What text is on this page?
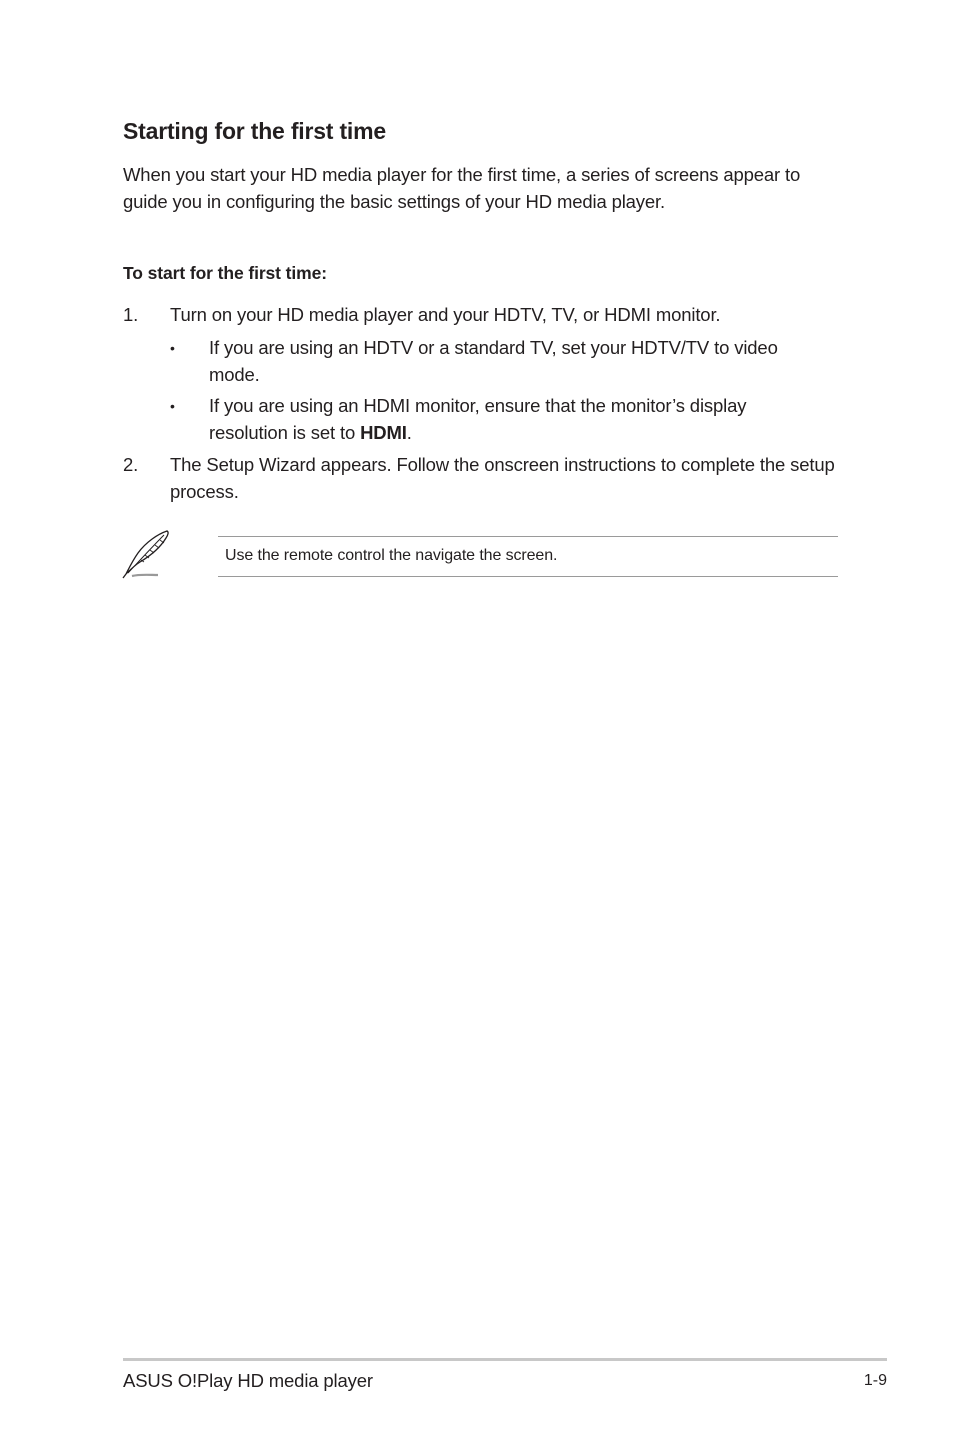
Starting for the first time

When you start your HD media player for the first time, a series of screens appear to guide you in configuring the basic settings of your HD media player.

To start for the first time:

1. Turn on your HD media player and your HDTV, TV, or HDMI monitor.
• If you are using an HDTV or a standard TV, set your HDTV/TV to video mode.
• If you are using an HDMI monitor, ensure that the monitor’s display resolution is set to HDMI.
2. The Setup Wizard appears. Follow the onscreen instructions to complete the setup process.
Use the remote control the navigate the screen.
ASUS O!Play HD media player	1-9
